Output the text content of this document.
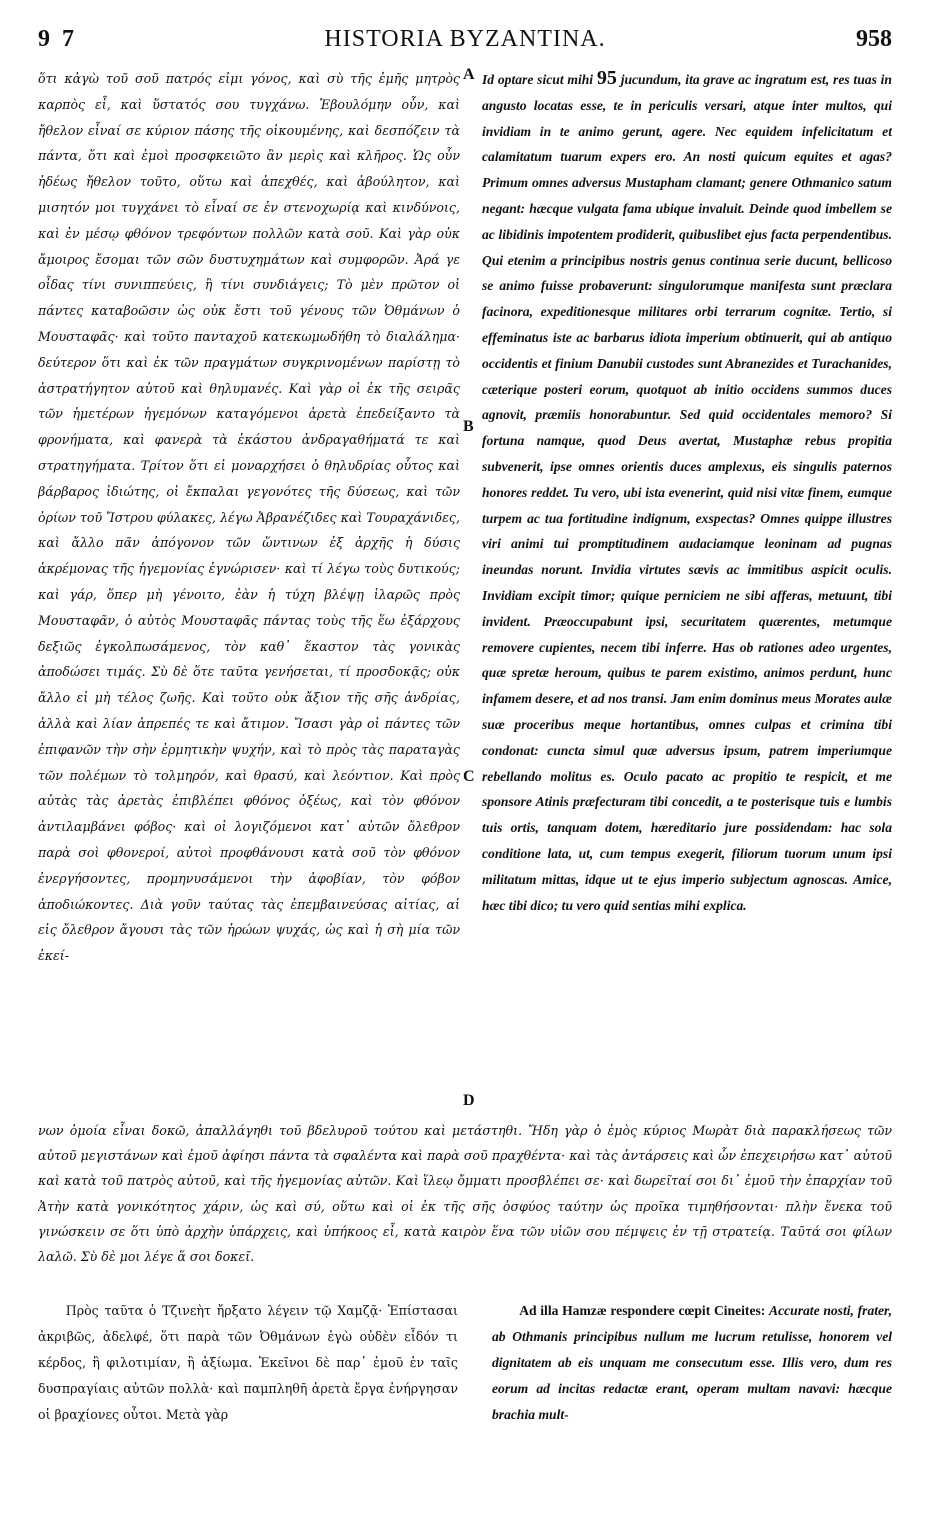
9 7	HISTORIA BYZANTINA.	958

ὅτι κἀγὼ τοῦ σοῦ πατρός εἰμι γόνος, καὶ σὺ τῆς ἐμῆς μητρὸς καρπὸς εἶ, καὶ ὕστατός σου τυγχάνω. Ἐβουλόμην οὖν, καὶ ἤθελον εἶναί σε κύριον πάσης τῆς οἰκουμένης, καὶ δεσπόζειν τὰ πάντα, ὅτι καὶ ἐμοὶ προσφκειῶτο ἂν μερὶς καὶ κλῆρος. Ὡς οὖν ἡδέως ἤθελον τοῦτο, οὕτω καὶ ἀπεχθές, καὶ ἀβούλητον, καὶ μισητόν μοι τυγχάνει τὸ εἶναί σε ἐν στενοχωρίᾳ καὶ κινδύνοις, καὶ ἐν μέσῳ φθόνον τρεφόντων πολλῶν κατὰ σοῦ. Καὶ γὰρ οὐκ ἄμοιρος ἔσομαι τῶν σῶν δυστυχημάτων καὶ συμφορῶν. Ἀρά γε οἶδας τίνι συνιππεύεις, ἢ τίνι συνδιάγεις; Τὸ μὲν πρῶτον οἱ πάντες καταβοῶσιν ὡς οὐκ ἔστι τοῦ γένους τῶν Ὀθμάνων ὁ Μουσταφᾶς· καὶ τοῦτο πανταχοῦ κατεκωμωδήθη τὸ διαλάλημα· δεύτερον ὅτι καὶ ἐκ τῶν πραγμάτων συγκρινομένων παρίστῃ τὸ ἀστρατήγητον αὐτοῦ καὶ θηλυμανές. Καὶ γὰρ οἱ ἐκ τῆς σειρᾶς τῶν ἡμετέρων ἡγεμόνων καταγόμενοι ἀρετὰ ἐπεδείξαντο τὰ φρονήματα, καὶ φανερὰ τὰ ἑκάστου ἀνδραγαθήματά τε καὶ στρατηγήματα. Τρίτον ὅτι εἰ μοναρχήσει ὁ θηλυδρίας οὗτος καὶ βάρβαρος ἰδιώτης, οἱ ἔκπαλαι γεγονότες τῆς δύσεως, καὶ τῶν ὁρίων τοῦ Ἴστρου φύλακες, λέγω Ἀβρανέζιδες καὶ Τουραχάνιδες, καὶ ἄλλο πᾶν ἀπόγονον τῶν ὥντινων ἐξ ἀρχῆς ἡ δύσις ἀκρέμονας τῆς ἡγεμονίας ἐγνώρισεν· καὶ τί λέγω τοὺς δυτικούς; καὶ γάρ, ὅπερ μὴ γένοιτο, ἐὰν ἡ τύχη βλέψῃ ἱλαρῶς πρὸς Μουσταφᾶν, ὁ αὐτὸς Μουσταφᾶς πάντας τοὺς τῆς ἕω ἐξάρχους δεξιῶς ἐγκολπωσάμενος, τὸν καθ᾽ ἕκαστον τὰς γονικὰς ἀποδώσει τιμάς. Σὺ δὲ ὅτε ταῦτα γενήσεται, τί προσδοκᾷς; οὐκ ἄλλο εἰ μὴ τέλος ζωῆς. Καὶ τοῦτο οὐκ ἄξιον τῆς σῆς ἀνδρίας, ἀλλὰ καὶ λίαν ἀπρεπές τε καὶ ἄτιμον. Ἴσασι γὰρ οἱ πάντες τῶν ἐπιφανῶν τὴν σὴν ἐρμητικὴν ψυχήν, καὶ τὸ πρὸς τὰς παραταγὰς τῶν πολέμων τὸ τολμηρόν, καὶ θρασύ, καὶ λεόντιον. Καὶ πρὸς αὐτὰς τὰς ἀρετὰς ἐπιβλέπει φθόνος ὀξέως, καὶ τὸν φθόνον ἀντιλαμβάνει φόβος· καὶ οἱ λογιζόμενοι κατ᾽ αὐτῶν ὄλεθρον παρὰ σοὶ φθονεροί, αὐτοὶ προφθάνουσι κατὰ σοῦ τὸν φθόνον ἐνεργήσοντες, προμηνυσάμενοι τὴν ἀφοβίαν, τὸν φόβον ἀποδιώκοντες. Διὰ γοῦν ταύτας τὰς ἐπεμβαινεύσας αἰτίας, αἱ εἰς ὄλεθρον ἄγουσι τὰς τῶν ἡρώων ψυχάς, ὡς καὶ ἡ σὴ μία τῶν ἐκεί-

A
B
C
D

Id optare sicut mihi 95 jucundum, ita grave ac ingratum est, res tuas in angusto locatas esse, te in periculis versari, atque inter multos, qui invidiam in te animo gerunt, agere. Nec equidem infelicitatum et calamitatum tuarum expers ero. An nosti quicum equites et agas? Primum omnes adversus Mustapham clamant; genere Othmanico satum negant: hæcque vulgata fama ubique invaluit. Deinde quod imbellem se ac libidinis impotentem prodiderit, quibuslibet ejus facta perpendentibus. Qui etenim a principibus nostris genus continua serie ducunt, bellicoso se animo fuisse probaverunt: singulorumque manifesta sunt præclara facinora, expeditionesque militares orbi terrarum cognitæ. Tertio, si effeminatus iste ac barbarus idiota imperium obtinuerit, qui ab antiquo occidentis et finium Danubii custodes sunt Abranezides et Turachanides, cæterique posteri eorum, quotquot ab initio occidens summos duces agnovit, præmiis honorabuntur. Sed quid occidentales memoro? Si fortuna namque, quod Deus avertat, Mustaphæ rebus propitia subvenerit, ipse omnes orientis duces amplexus, eis singulis paternos honores reddet. Tu vero, ubi ista evenerint, quid nisi vitæ finem, eumque turpem ac tua fortitudine indignum, exspectas? Omnes quippe illustres viri animi tui promptitudinem audaciamque leoninam ad pugnas ineundas norunt. Invidia virtutes sævis ac immitibus aspicit oculis. Invidiam excipit timor; quique perniciem ne sibi afferas, metuunt, tibi invident. Præoccupabunt ipsi, securitatem quærentes, metumque removere cupientes, necem tibi inferre. Has ob rationes adeo urgentes, quæ spretæ heroum, quibus te parem existimo, animos perdunt, hunc infamem desere, et ad nos transi. Jam enim dominus meus Morates aulæ suæ proceribus meque hortantibus, omnes culpas et crimina tibi condonat: cuncta simul quæ adversus ipsum, patrem imperiumque rebellando molitus es. Oculo pacato ac propitio te respicit, et me sponsore Atinis præfecturam tibi concedit, a te posterisque tuis e lumbis tuis ortis, tanquam dotem, hæreditario jure possidendam: hac sola conditione lata, ut, cum tempus exegerit, filiorum tuorum unum ipsi militatum mittas, idque ut te ejus imperio subjectum agnoscas. Amice, hæc tibi dico; tu vero quid sentias mihi explica.

νων ὁμοία εἶναι δοκῶ, ἀπαλλάγηθι τοῦ βδελυροῦ τούτου καὶ μετάστηθι. Ἤδη γὰρ ὁ ἐμὸς κύριος Μωρὰτ διὰ παρακλήσεως τῶν αὐτοῦ μεγιστάνων καὶ ἐμοῦ ἀφίησι πάντα τὰ σφαλέντα καὶ παρὰ σοῦ πραχθέντα· καὶ τὰς ἀντάρσεις καὶ ὧν ἐπεχειρήσω κατ᾽ αὐτοῦ καὶ κατὰ τοῦ πατρὸς αὐτοῦ, καὶ τῆς ἡγεμονίας αὐτῶν. Καὶ ἵλεῳ ὄμματι προσβλέπει σε· καὶ δωρεῖταί σοι δι᾽ ἐμοῦ τὴν ἐπαρχίαν τοῦ Ἀτὴν κατὰ γονικότητος χάριν, ὡς καὶ σύ, οὕτω καὶ οἱ ἐκ τῆς σῆς ὀσφύος ταύτην ὡς προῖκα τιμηθήσονται· πλὴν ἕνεκα τοῦ γινώσκειν σε ὅτι ὑπὸ ἀρχὴν ὑπάρχεις, καὶ ὑπήκοος εἶ, κατὰ καιρὸν ἕνα τῶν υἱῶν σου πέμψεις ἐν τῇ στρατείᾳ. Ταῦτά σοι φίλων λαλῶ. Σὺ δὲ μοι λέγε ἅ σοι δοκεῖ.

Πρὸς ταῦτα ὁ Τζινεὴτ ἤρξατο λέγειν τῷ Χαμζᾷ· Ἐπίστασαι ἀκριβῶς, ἀδελφέ, ὅτι παρὰ τῶν Ὀθμάνων ἐγὼ οὐδὲν εἶδόν τι κέρδος, ἢ φιλοτιμίαν, ἢ ἀξίωμα. Ἐκεῖνοι δὲ παρ᾽ ἐμοῦ ἐν ταῖς δυσπραγίαις αὐτῶν πολλὰ· καὶ παμπληθῆ ἀρετὰ ἔργα ἐνήργησαν οἱ βραχίονες οὗτοι. Μετὰ γὰρ

Ad illa Hamzæ respondere cœpit Cineites: Accurate nosti, frater, ab Othmanis principibus nullum me lucrum retulisse, honorem vel dignitatem ab eis unquam me consecutum esse. Illis vero, dum res eorum ad incitas redactæ erant, operam multam navavi: hæcque brachia mult-
